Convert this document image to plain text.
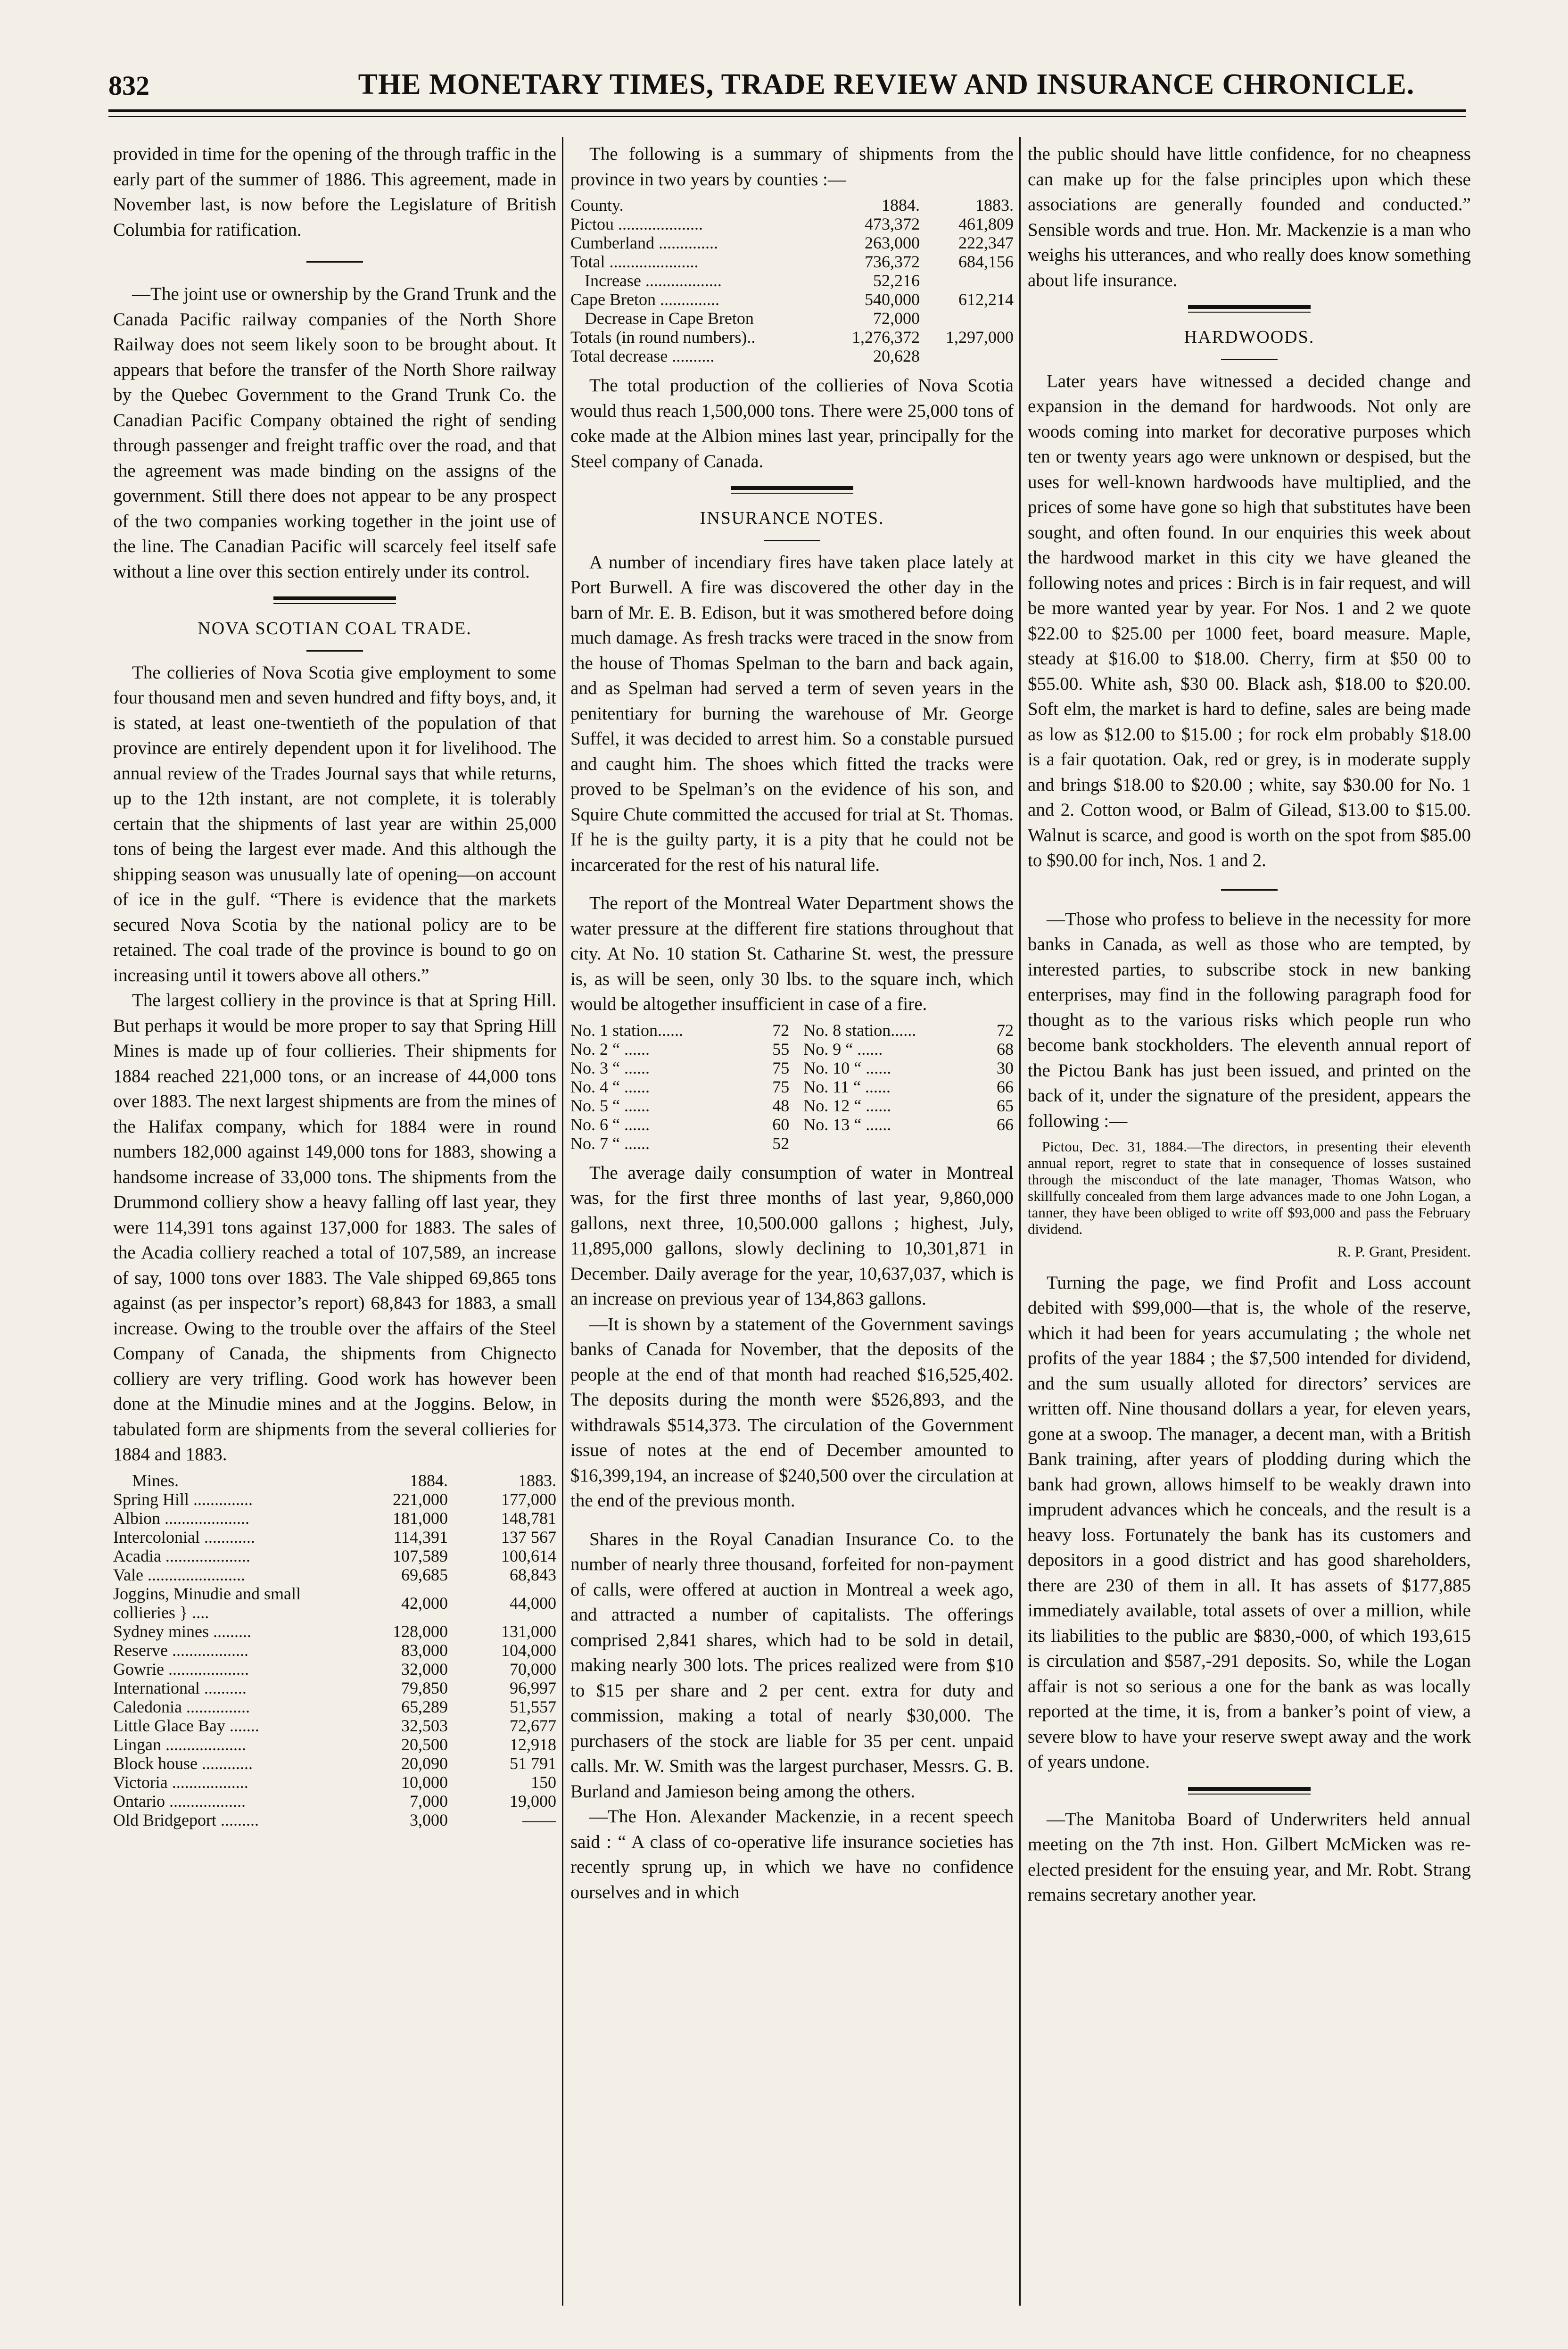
832	THE MONETARY TIMES, TRADE REVIEW AND INSURANCE CHRONICLE.

provided in time for the opening of the through traffic in the early part of the summer of 1886. This agreement, made in November last, is now before the Legislature of British Columbia for ratification.

—The joint use or ownership by the Grand Trunk and the Canada Pacific railway companies of the North Shore Railway does not seem likely soon to be brought about. It appears that before the transfer of the North Shore railway by the Quebec Government to the Grand Trunk Co. the Canadian Pacific Company obtained the right of sending through passenger and freight traffic over the road, and that the agreement was made binding on the assigns of the government. Still there does not appear to be any prospect of the two companies working together in the joint use of the line. The Canadian Pacific will scarcely feel itself safe without a line over this section entirely under its control.

NOVA SCOTIAN COAL TRADE.

The collieries of Nova Scotia give employment to some four thousand men and seven hundred and fifty boys, and, it is stated, at least one-twentieth of the population of that province are entirely dependent upon it for livelihood. The annual review of the Trades Journal says that while returns, up to the 12th instant, are not complete, it is tolerably certain that the shipments of last year are within 25,000 tons of being the largest ever made. And this although the shipping season was unusually late of opening—on account of ice in the gulf. “There is evidence that the markets secured Nova Scotia by the national policy are to be retained. The coal trade of the province is bound to go on increasing until it towers above all others.”

The largest colliery in the province is that at Spring Hill. But perhaps it would be more proper to say that Spring Hill Mines is made up of four collieries. Their shipments for 1884 reached 221,000 tons, or an increase of 44,000 tons over 1883. The next largest shipments are from the mines of the Halifax company, which for 1884 were in round numbers 182,000 against 149,000 tons for 1883, showing a handsome increase of 33,000 tons. The shipments from the Drummond colliery show a heavy falling off last year, they were 114,391 tons against 137,000 for 1883. The sales of the Acadia colliery reached a total of 107,589, an increase of say, 1000 tons over 1883. The Vale shipped 69,865 tons against (as per inspector’s report) 68,843 for 1883, a small increase. Owing to the trouble over the affairs of the Steel Company of Canada, the shipments from Chignecto colliery are very trifling. Good work has however been done at the Minudie mines and at the Joggins. Below, in tabulated form are shipments from the several collieries for 1884 and 1883.

Mines.	1884.	1883.
Spring Hill ..............	221,000	177,000
Albion ....................	181,000	148,781
Intercolonial ............	114,391	137 567
Acadia ....................	107,589	100,614
Vale .......................	69,685	68,843
Joggins, Minudie and small collieries } ....	42,000	44,000
Sydney mines .........	128,000	131,000
Reserve ..................	83,000	104,000
Gowrie ...................	32,000	70,000
International ..........	79,850	96,997
Caledonia ...............	65,289	51,557
Little Glace Bay .......	32,503	72,677
Lingan ...................	20,500	12,918
Block house ............	20,090	51 791
Victoria ..................	10,000	150
Ontario ..................	7,000	19,000
Old Bridgeport .........	3,000	——

The following is a summary of shipments from the province in two years by counties :—

County.	1884.	1883.
Pictou ....................	473,372	461,809
Cumberland ..............	263,000	222,347
Total .....................	736,372	684,156
Increase ..................	52,216	
Cape Breton ..............	540,000	612,214
Decrease in Cape Breton	72,000	
Totals (in round numbers)..	1,276,372	1,297,000
Total decrease ..........	20,628	

The total production of the collieries of Nova Scotia would thus reach 1,500,000 tons. There were 25,000 tons of coke made at the Albion mines last year, principally for the Steel company of Canada.

INSURANCE NOTES.

A number of incendiary fires have taken place lately at Port Burwell. A fire was discovered the other day in the barn of Mr. E. B. Edison, but it was smothered before doing much damage. As fresh tracks were traced in the snow from the house of Thomas Spelman to the barn and back again, and as Spelman had served a term of seven years in the penitentiary for burning the warehouse of Mr. George Suffel, it was decided to arrest him. So a constable pursued and caught him. The shoes which fitted the tracks were proved to be Spelman’s on the evidence of his son, and Squire Chute committed the accused for trial at St. Thomas. If he is the guilty party, it is a pity that he could not be incarcerated for the rest of his natural life.

The report of the Montreal Water Department shows the water pressure at the different fire stations throughout that city. At No. 10 station St. Catharine St. west, the pressure is, as will be seen, only 30 lbs. to the square inch, which would be altogether insufficient in case of a fire.

No. 1 station......	72	No. 8 station......	72
No. 2 “ ......	55	No. 9 “ ......	68
No. 3 “ ......	75	No. 10 “ ......	30
No. 4 “ ......	75	No. 11 “ ......	66
No. 5 “ ......	48	No. 12 “ ......	65
No. 6 “ ......	60	No. 13 “ ......	66
No. 7 “ ......	52		

The average daily consumption of water in Montreal was, for the first three months of last year, 9,860,000 gallons, next three, 10,500.000 gallons ; highest, July, 11,895,000 gallons, slowly declining to 10,301,871 in December. Daily average for the year, 10,637,037, which is an increase on previous year of 134,863 gallons.

—It is shown by a statement of the Government savings banks of Canada for November, that the deposits of the people at the end of that month had reached $16,525,402. The deposits during the month were $526,893, and the withdrawals $514,373. The circulation of the Government issue of notes at the end of December amounted to $16,399,194, an increase of $240,500 over the circulation at the end of the previous month.

Shares in the Royal Canadian Insurance Co. to the number of nearly three thousand, forfeited for non-payment of calls, were offered at auction in Montreal a week ago, and attracted a number of capitalists. The offerings comprised 2,841 shares, which had to be sold in detail, making nearly 300 lots. The prices realized were from $10 to $15 per share and 2 per cent. extra for duty and commission, making a total of nearly $30,000. The purchasers of the stock are liable for 35 per cent. unpaid calls. Mr. W. Smith was the largest purchaser, Messrs. G. B. Burland and Jamieson being among the others.

—The Hon. Alexander Mackenzie, in a recent speech said : “ A class of co-operative life insurance societies has recently sprung up, in which we have no confidence ourselves and in which

the public should have little confidence, for no cheapness can make up for the false principles upon which these associations are generally founded and conducted.” Sensible words and true. Hon. Mr. Mackenzie is a man who weighs his utterances, and who really does know something about life insurance.

HARDWOODS.

Later years have witnessed a decided change and expansion in the demand for hardwoods. Not only are woods coming into market for decorative purposes which ten or twenty years ago were unknown or despised, but the uses for well-known hardwoods have multiplied, and the prices of some have gone so high that substitutes have been sought, and often found. In our enquiries this week about the hardwood market in this city we have gleaned the following notes and prices : Birch is in fair request, and will be more wanted year by year. For Nos. 1 and 2 we quote $22.00 to $25.00 per 1000 feet, board measure. Maple, steady at $16.00 to $18.00. Cherry, firm at $50 00 to $55.00. White ash, $30 00. Black ash, $18.00 to $20.00. Soft elm, the market is hard to define, sales are being made as low as $12.00 to $15.00 ; for rock elm probably $18.00 is a fair quotation. Oak, red or grey, is in moderate supply and brings $18.00 to $20.00 ; white, say $30.00 for No. 1 and 2. Cotton wood, or Balm of Gilead, $13.00 to $15.00. Walnut is scarce, and good is worth on the spot from $85.00 to $90.00 for inch, Nos. 1 and 2.

—Those who profess to believe in the necessity for more banks in Canada, as well as those who are tempted, by interested parties, to subscribe stock in new banking enterprises, may find in the following paragraph food for thought as to the various risks which people run who become bank stockholders. The eleventh annual report of the Pictou Bank has just been issued, and printed on the back of it, under the signature of the president, appears the following :—

Pictou, Dec. 31, 1884.—The directors, in presenting their eleventh annual report, regret to state that in consequence of losses sustained through the misconduct of the late manager, Thomas Watson, who skillfully concealed from them large advances made to one John Logan, a tanner, they have been obliged to write off $93,000 and pass the February dividend.

R. P. Grant, President.

Turning the page, we find Profit and Loss account debited with $99,000—that is, the whole of the reserve, which it had been for years accumulating ; the whole net profits of the year 1884 ; the $7,500 intended for dividend, and the sum usually alloted for directors’ services are written off. Nine thousand dollars a year, for eleven years, gone at a swoop. The manager, a decent man, with a British Bank training, after years of plodding during which the bank had grown, allows himself to be weakly drawn into imprudent advances which he conceals, and the result is a heavy loss. Fortunately the bank has its customers and depositors in a good district and has good shareholders, there are 230 of them in all. It has assets of $177,885 immediately available, total assets of over a million, while its liabilities to the public are $830,-000, of which 193,615 is circulation and $587,-291 deposits. So, while the Logan affair is not so serious a one for the bank as was locally reported at the time, it is, from a banker’s point of view, a severe blow to have your reserve swept away and the work of years undone.

—The Manitoba Board of Underwriters held annual meeting on the 7th inst. Hon. Gilbert McMicken was re-elected president for the ensuing year, and Mr. Robt. Strang remains secretary another year.
